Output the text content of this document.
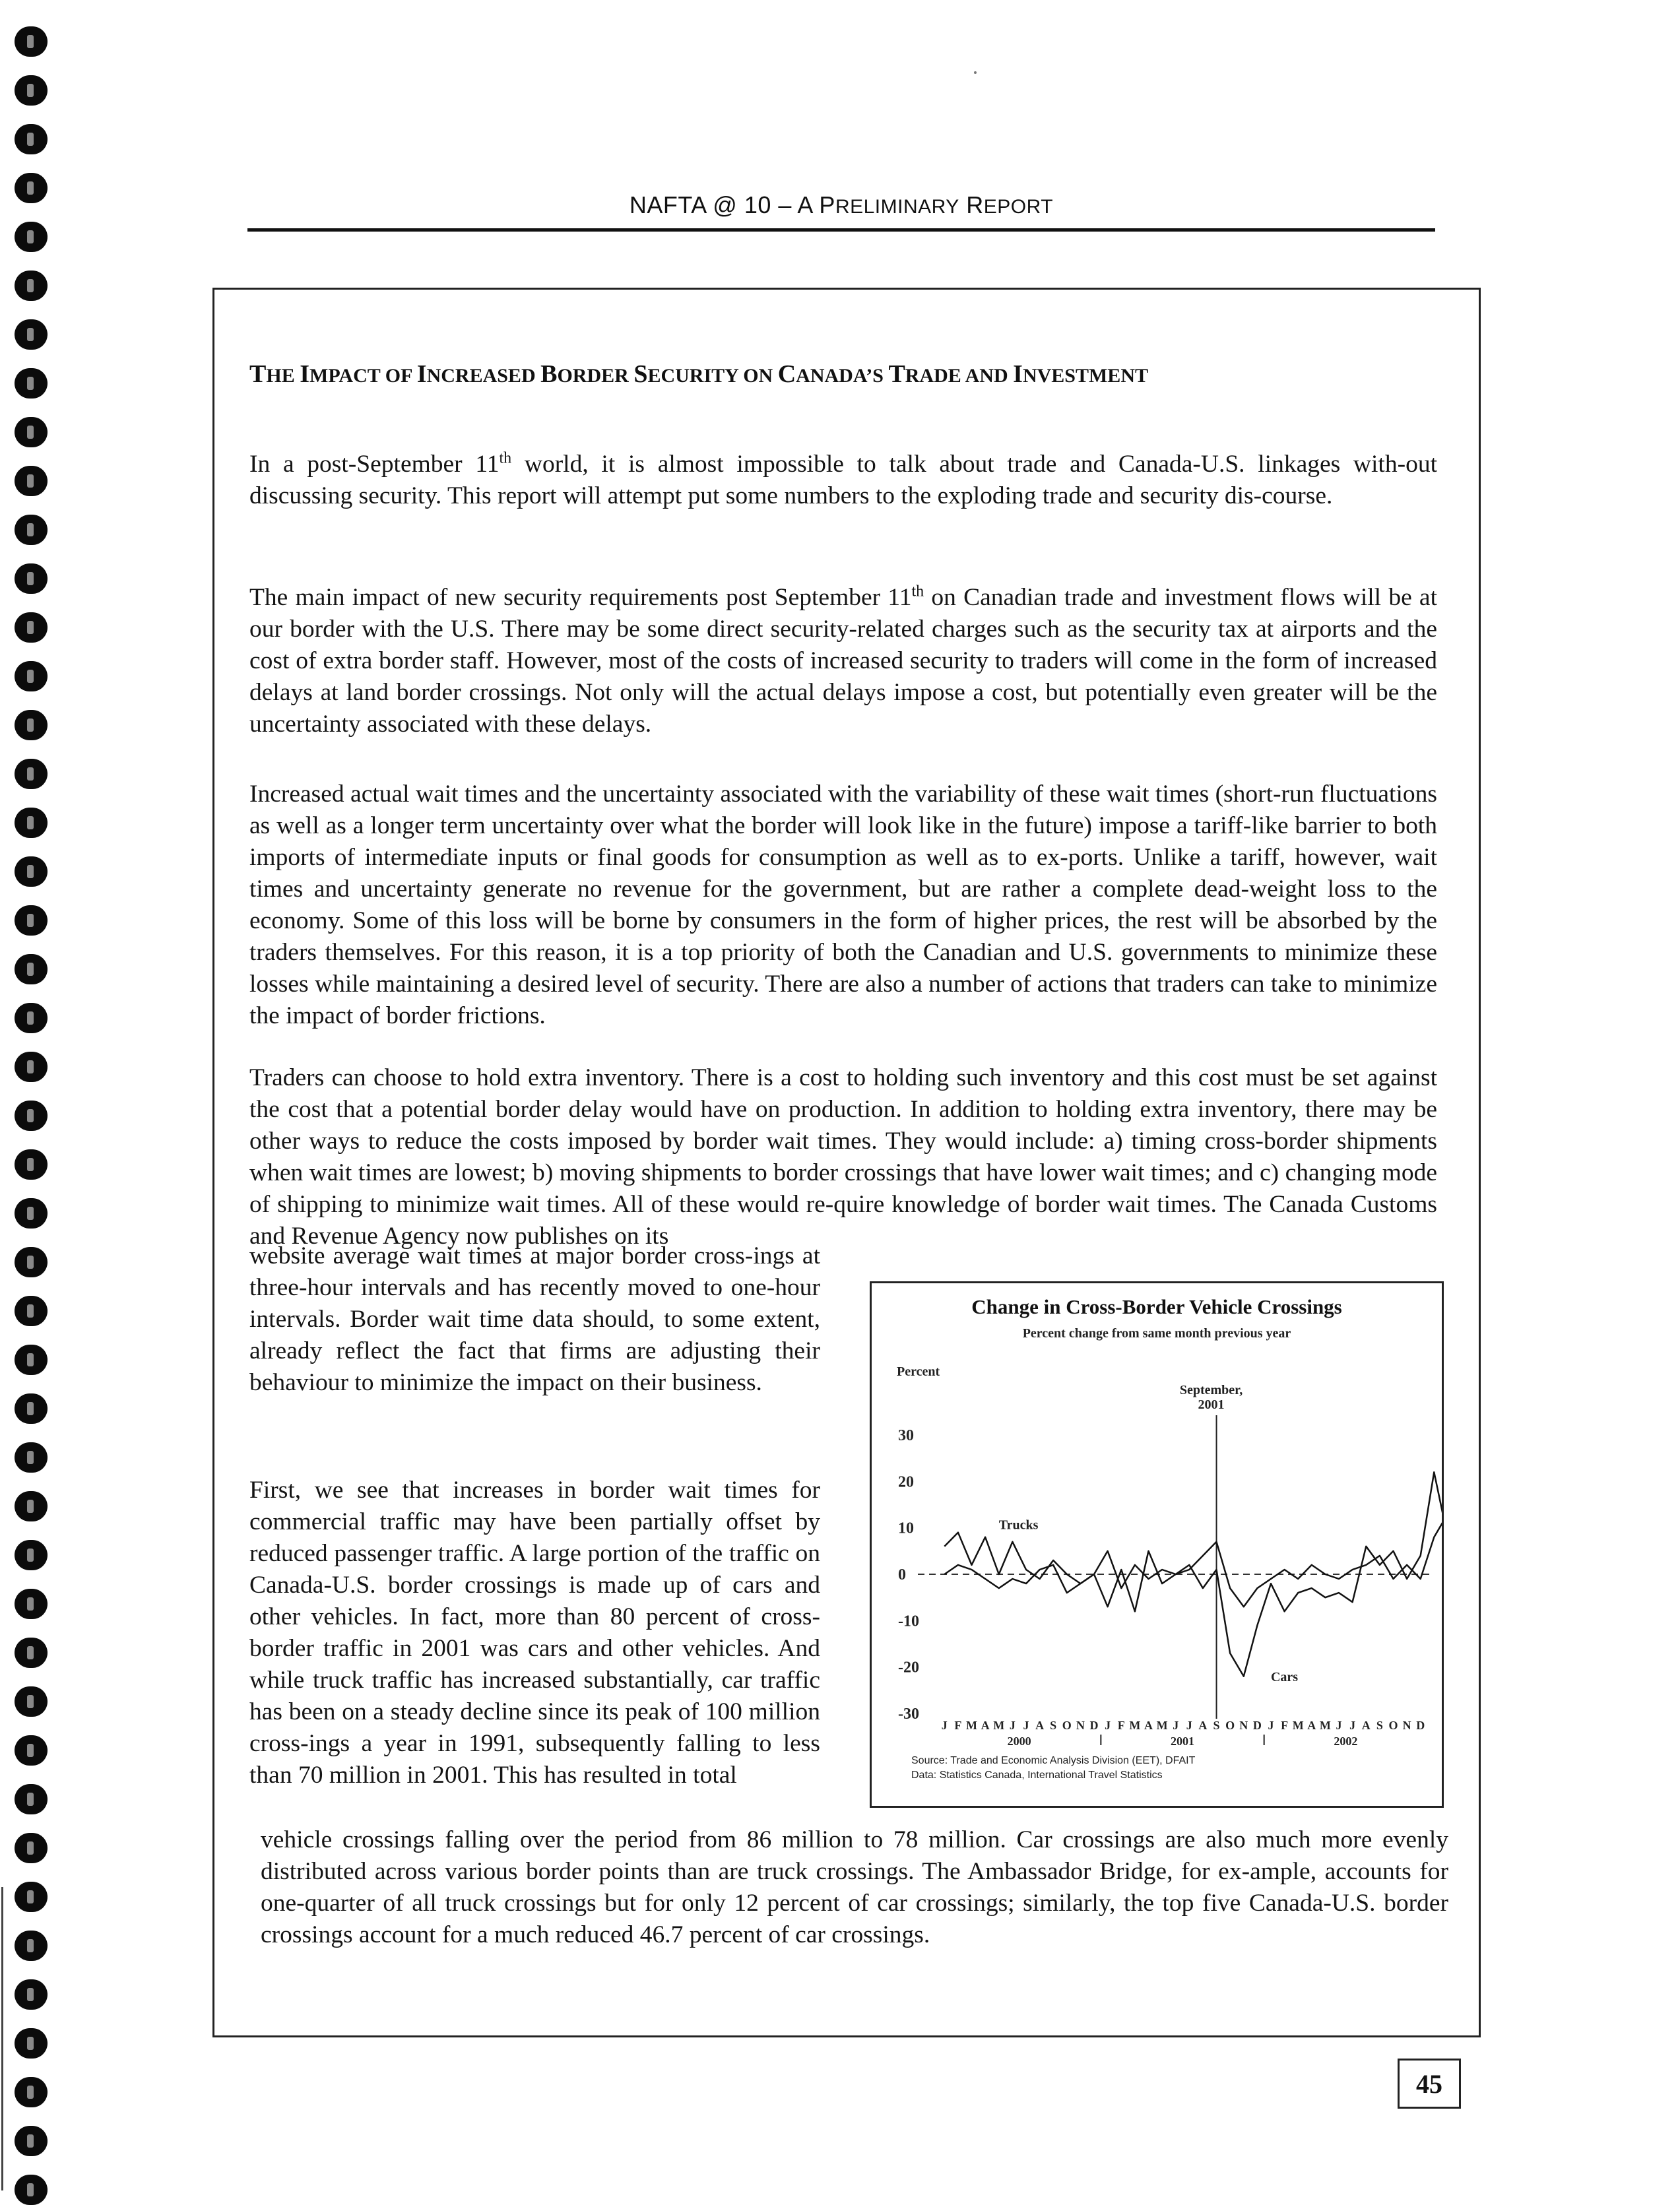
NAFTA @ 10 – A PRELIMINARY REPORT
THE IMPACT OF INCREASED BORDER SECURITY ON CANADA’S TRADE AND INVESTMENT
In a post-September 11th world, it is almost impossible to talk about trade and Canada-U.S. linkages with-out discussing security. This report will attempt put some numbers to the exploding trade and security dis-course.
The main impact of new security requirements post September 11th on Canadian trade and investment flows will be at our border with the U.S. There may be some direct security-related charges such as the security tax at airports and the cost of extra border staff. However, most of the costs of increased security to traders will come in the form of increased delays at land border crossings. Not only will the actual delays impose a cost, but potentially even greater will be the uncertainty associated with these delays.
Increased actual wait times and the uncertainty associated with the variability of these wait times (short-run fluctuations as well as a longer term uncertainty over what the border will look like in the future) impose a tariff-like barrier to both imports of intermediate inputs or final goods for consumption as well as to ex-ports. Unlike a tariff, however, wait times and uncertainty generate no revenue for the government, but are rather a complete dead-weight loss to the economy. Some of this loss will be borne by consumers in the form of higher prices, the rest will be absorbed by the traders themselves. For this reason, it is a top priority of both the Canadian and U.S. governments to minimize these losses while maintaining a desired level of security. There are also a number of actions that traders can take to minimize the impact of border frictions.
Traders can choose to hold extra inventory. There is a cost to holding such inventory and this cost must be set against the cost that a potential border delay would have on production. In addition to holding extra inventory, there may be other ways to reduce the costs imposed by border wait times. They would include: a) timing cross-border shipments when wait times are lowest; b) moving shipments to border crossings that have lower wait times; and c) changing mode of shipping to minimize wait times. All of these would re-quire knowledge of border wait times. The Canada Customs and Revenue Agency now publishes on its
website average wait times at major border cross-ings at three-hour intervals and has recently moved to one-hour intervals. Border wait time data should, to some extent, already reflect the fact that firms are adjusting their behaviour to minimize the impact on their business.
First, we see that increases in border wait times for commercial traffic may have been partially offset by reduced passenger traffic. A large portion of the traffic on Canada-U.S. border crossings is made up of cars and other vehicles. In fact, more than 80 percent of cross-border traffic in 2001 was cars and other vehicles. And while truck traffic has increased substantially, car traffic has been on a steady decline since its peak of 100 million cross-ings a year in 1991, subsequently falling to less than 70 million in 2001. This has resulted in total
vehicle crossings falling over the period from 86 million to 78 million. Car crossings are also much more evenly distributed across various border points than are truck crossings. The Ambassador Bridge, for ex-ample, accounts for one-quarter of all truck crossings but for only 12 percent of car crossings; similarly, the top five Canada-U.S. border crossings account for a much reduced 46.7 percent of car crossings.
Change in Cross-Border Vehicle Crossings
Percent change from same month previous year
Percent
30
20
10
0
-10
-20
-30
September,
2001
Trucks
Cars
J F M A M J J A S O N D J F M A M J J A S O N D J F M A M J J A S O N D
2000	2001	2002
Source: Trade and Economic Analysis Division (EET), DFAIT
Data: Statistics Canada, International Travel Statistics
45
